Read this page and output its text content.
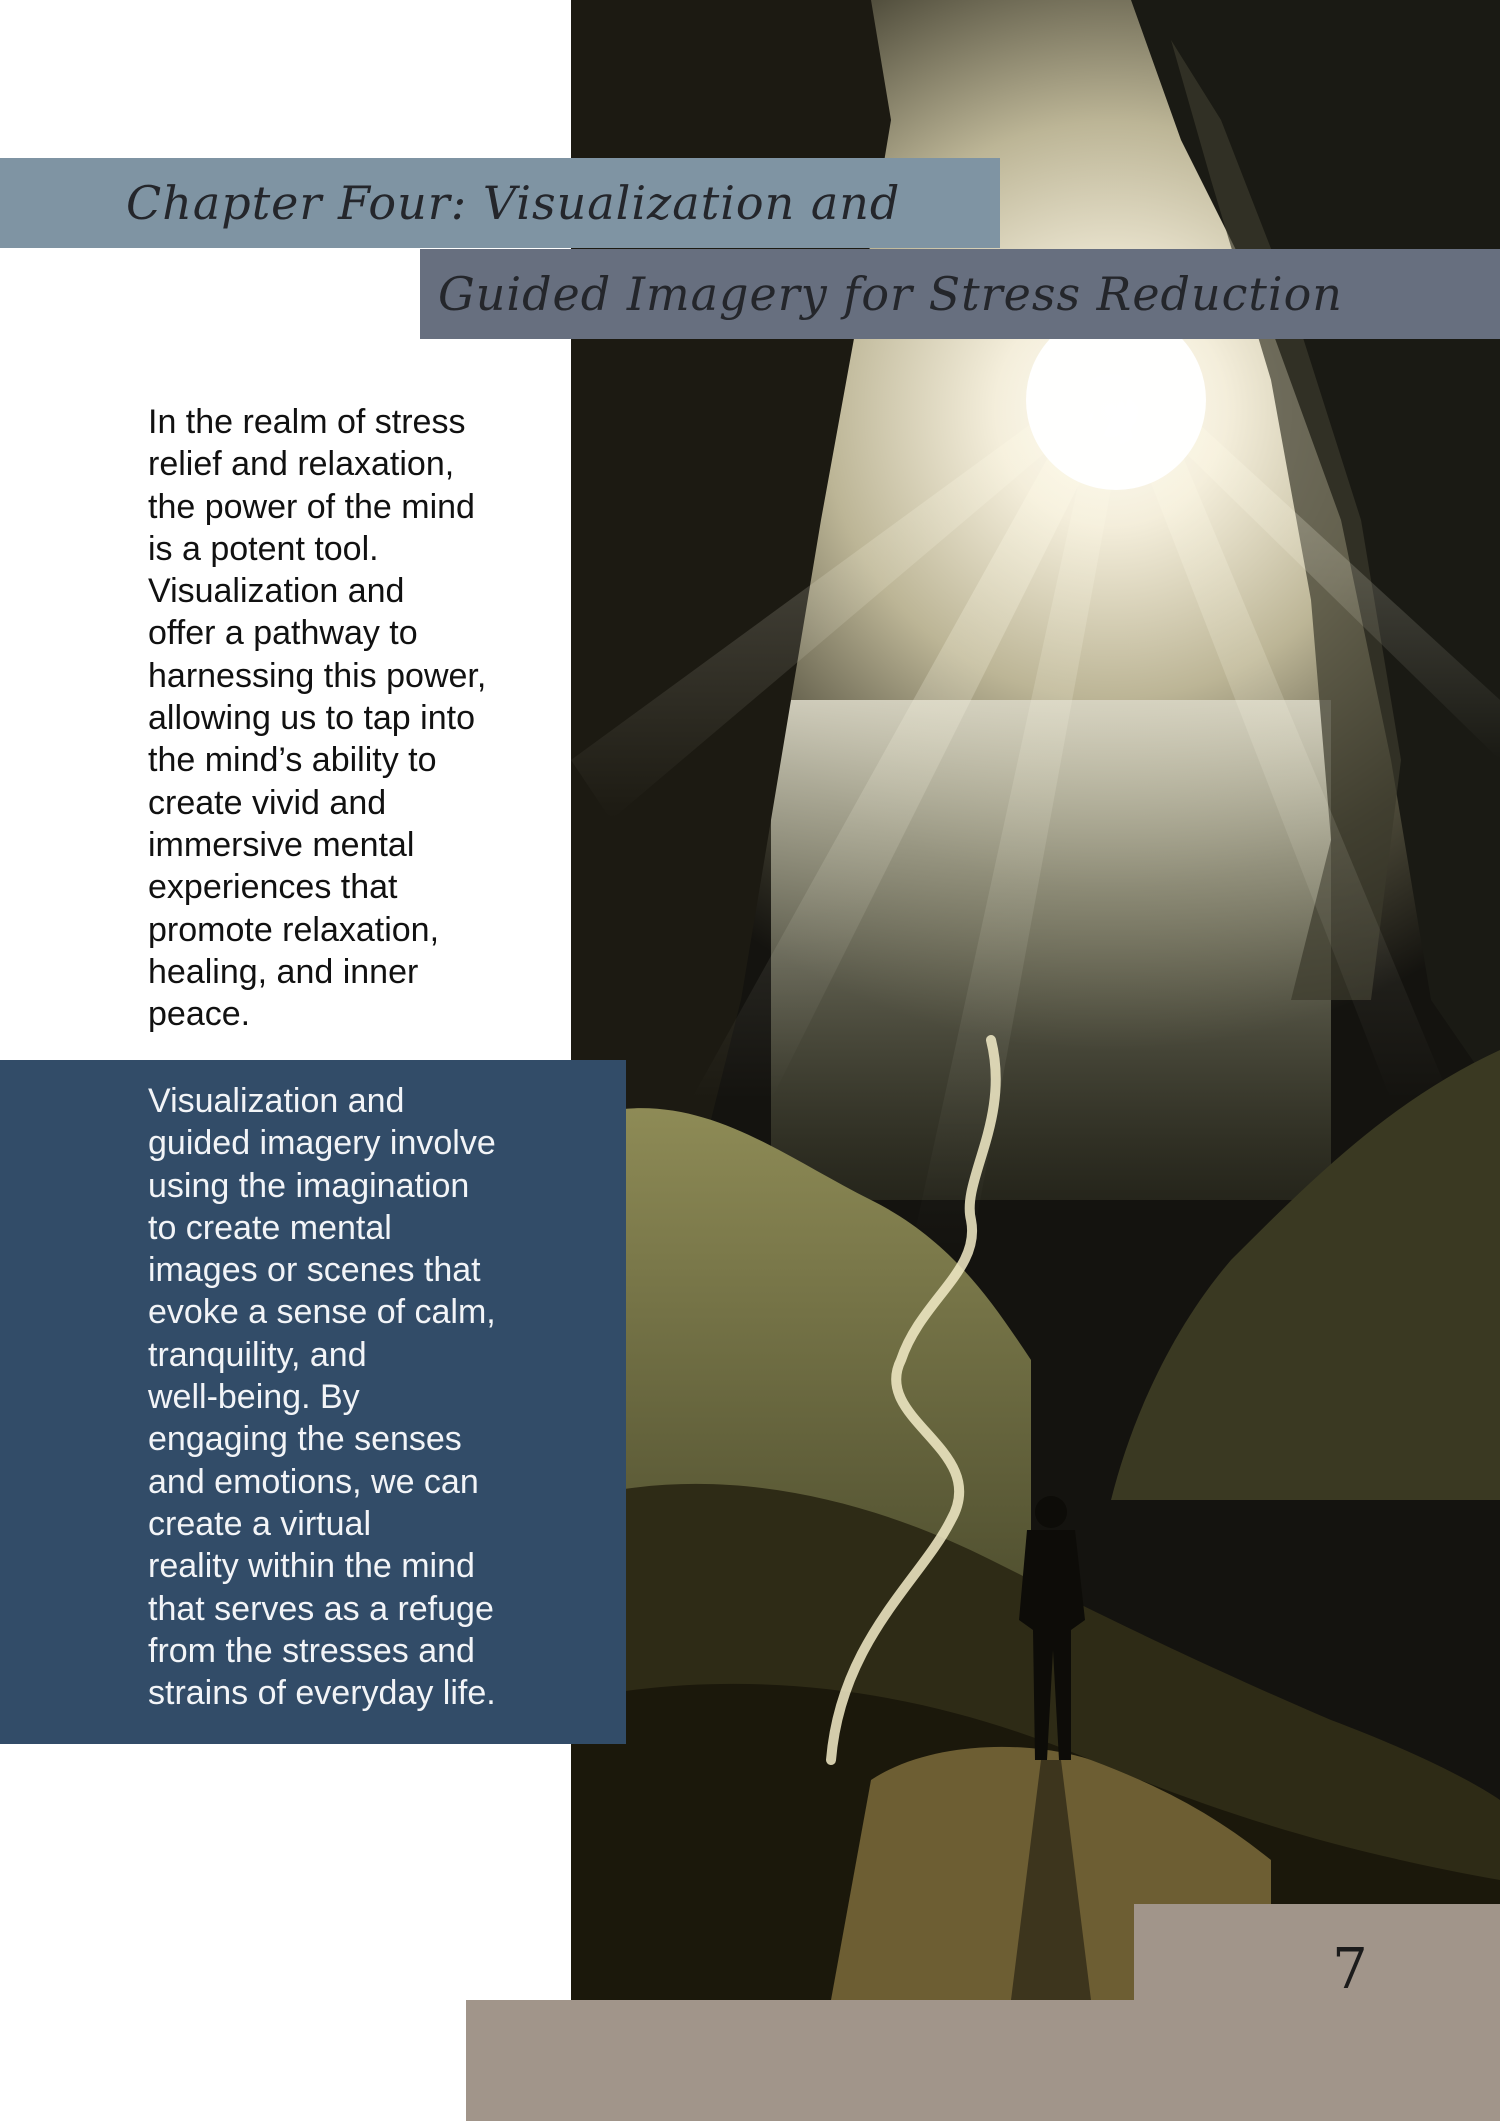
Chapter Four: Visualization and
Guided Imagery for Stress Reduction
In the realm of stress
relief and relaxation,
the power of the mind
is a potent tool.
Visualization and
offer a pathway to
harnessing this power,
allowing us to tap into
the mind’s ability to
create vivid and
immersive mental
experiences that
promote relaxation,
healing, and inner
peace.
Visualization and
guided imagery involve
using the imagination
to create mental
images or scenes that
evoke a sense of calm,
tranquility, and
well-being. By
engaging the senses
and emotions, we can
create a virtual
reality within the mind
that serves as a refuge
from the stresses and
strains of everyday life.
7
